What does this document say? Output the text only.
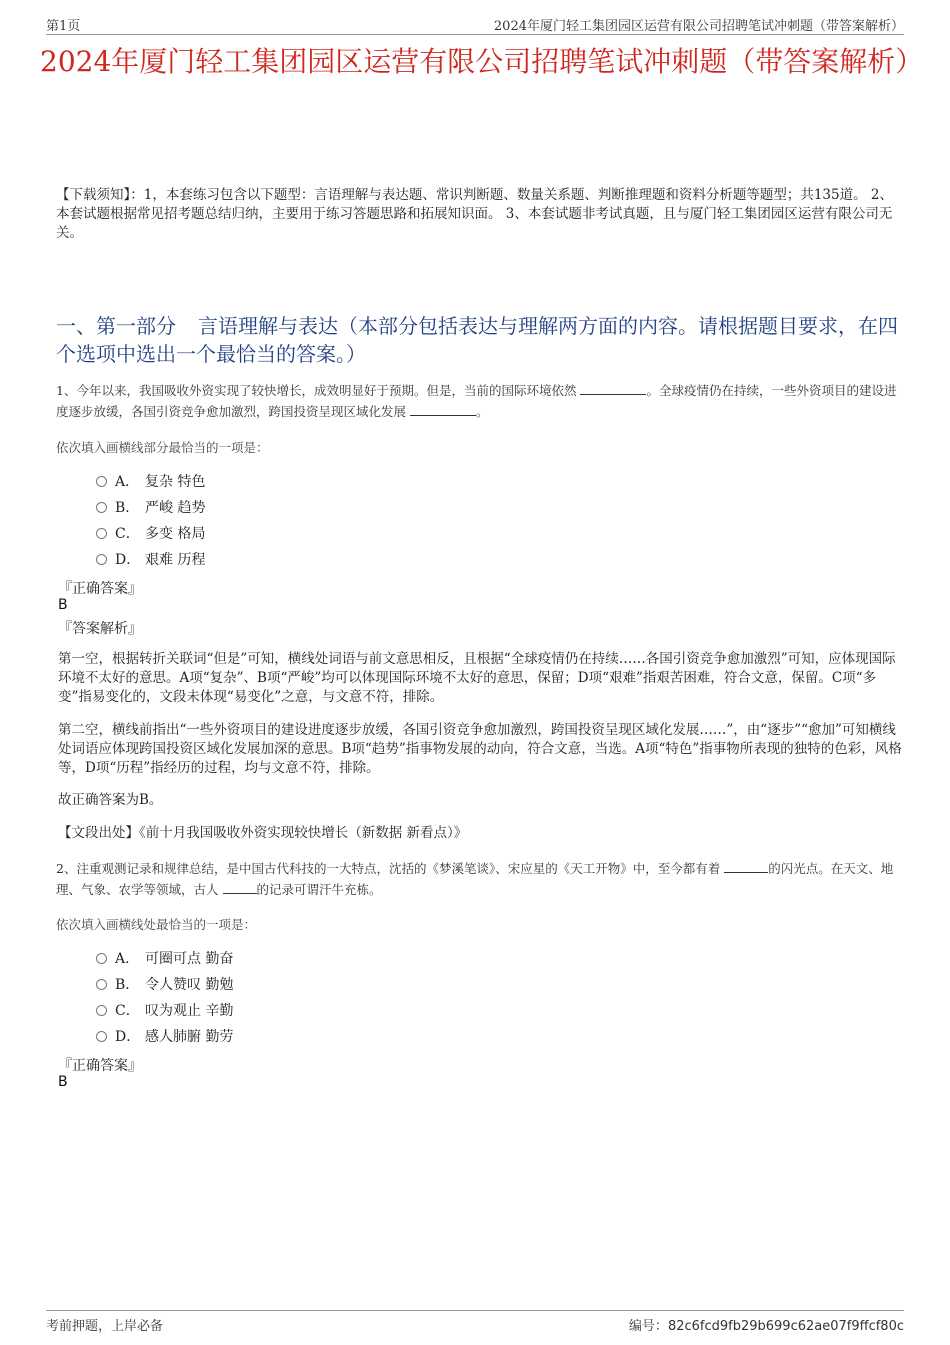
第1页	2024年厦门轻工集团园区运营有限公司招聘笔试冲刺题（带答案解析）
2024年厦门轻工集团园区运营有限公司招聘笔试冲刺题（带答案解析）
【下载须知】：1，本套练习包含以下题型：言语理解与表达题、常识判断题、数量关系题、判断推理题和资料分析题等题型；共135道。 2、本套试题根据常见招考题总结归纳，主要用于练习答题思路和拓展知识面。 3、本套试题非考试真题，且与厦门轻工集团园区运营有限公司无关。
一、第一部分 言语理解与表达（本部分包括表达与理解两方面的内容。请根据题目要求，在四个选项中选出一个最恰当的答案。）
1、今年以来，我国吸收外资实现了较快增长，成效明显好于预期。但是，当前的国际环境依然	。全球疫情仍在持续，一些外资项目的建设进度逐步放缓，各国引资竞争愈加激烈，跨国投资呈现区域化发展	。
依次填入画横线部分最恰当的一项是：
A． 复杂 特色
B． 严峻 趋势
C． 多变 格局
D． 艰难 历程
『正确答案』
B
『答案解析』
第一空，根据转折关联词“但是”可知，横线处词语与前文意思相反，且根据“全球疫情仍在持续……各国引资竞争愈加激烈”可知，应体现国际环境不太好的意思。A项“复杂”、B项“严峻”均可以体现国际环境不太好的意思，保留；D项“艰难”指艰苦困难，符合文意，保留。C项“多变”指易变化的，文段未体现“易变化”之意，与文意不符，排除。
第二空，横线前指出“一些外资项目的建设进度逐步放缓，各国引资竞争愈加激烈，跨国投资呈现区域化发展……”，由“逐步”“愈加”可知横线处词语应体现跨国投资区域化发展加深的意思。B项“趋势”指事物发展的动向，符合文意，当选。A项“特色”指事物所表现的独特的色彩，风格等，D项“历程”指经历的过程，均与文意不符，排除。
故正确答案为B。
【文段出处】《前十月我国吸收外资实现较快增长（新数据 新看点）》
2、注重观测记录和规律总结，是中国古代科技的一大特点，沈括的《梦溪笔谈》、宋应星的《天工开物》中，至今都有着	的闪光点。在天文、地理、气象、农学等领域，古人	的记录可谓汗牛充栋。
依次填入画横线处最恰当的一项是：
A． 可圈可点 勤奋
B． 令人赞叹 勤勉
C． 叹为观止 辛勤
D． 感人肺腑 勤劳
『正确答案』
B
考前押题，上岸必备	编号：82c6fcd9fb29b699c62ae07f9ffcf80c
